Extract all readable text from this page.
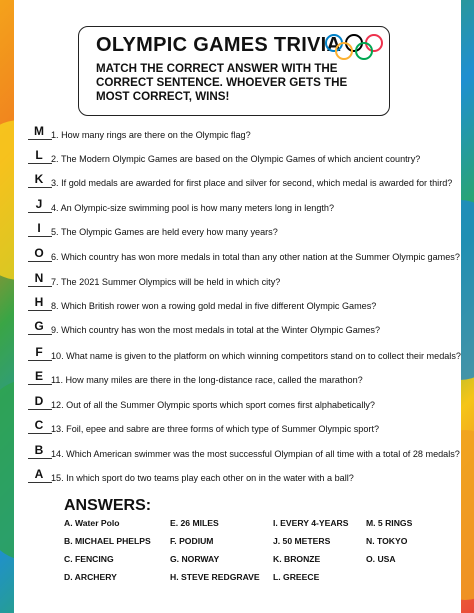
OLYMPIC GAMES TRIVIA
MATCH THE CORRECT ANSWER WITH THE CORRECT SENTENCE. WHOEVER GETS THE MOST CORRECT, WINS!
M 1. How many rings are there on the Olympic flag?
L 2. The Modern Olympic Games are based on the Olympic Games of which ancient country?
K 3. If gold medals are awarded for first place and silver for second, which medal is awarded for third?
J 4. An Olympic-size swimming pool is how many meters long in length?
I	5. The Olympic Games are held every how many years?
O 6. Which country has won more medals in total than any other nation at the Summer Olympic games?
N 7. The 2021 Summer Olympics will be held in which city?
H 8. Which British rower won a rowing gold medal in five different Olympic Games?
G 9. Which country has won the most medals in total at the Winter Olympic Games?
F 10. What name is given to the platform on which winning competitors stand on to collect their medals?
E 11. How many miles are there in the long-distance race, called the marathon?
D 12. Out of all the Summer Olympic sports which sport comes first alphabetically?
C 13. Foil, epee and sabre are three forms of which type of Summer Olympic sport?
B 14. Which American swimmer was the most successful Olympian of all time with a total of 28 medals?
A 15. In which sport do two teams play each other on in the water with a ball?
ANSWERS:
A. Water Polo	E. 26 MILES	I. EVERY 4-YEARS M. 5 RINGS
B. MICHAEL PHELPS F. PODIUM	J. 50 METERS	N. TOKYO
C. FENCING	G. NORWAY	K. BRONZE	O. USA
D. ARCHERY	H. STEVE REDGRAVE L. GREECE
